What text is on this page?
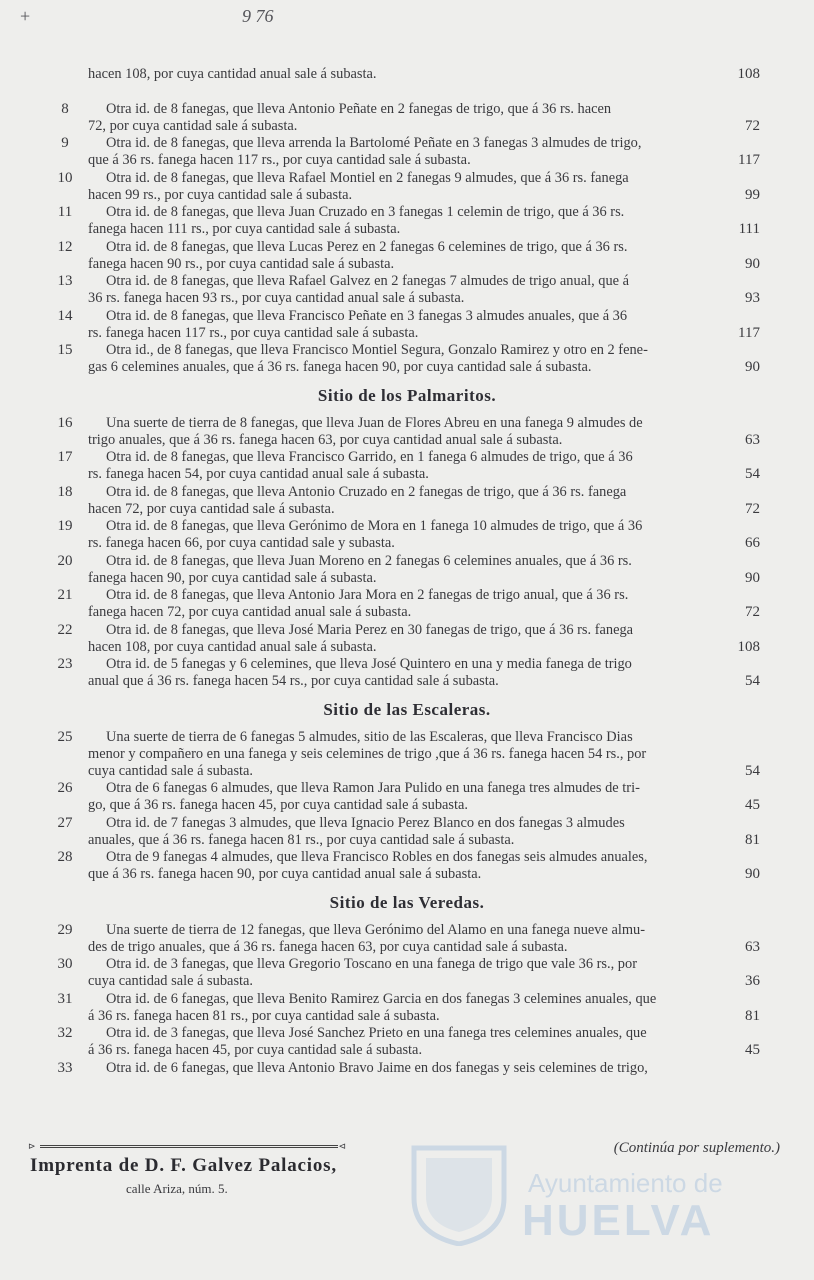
+	9 76
hacen 108, por cuya cantidad anual sale á subasta.	108
8	Otra id. de 8 fanegas, que lleva Antonio Peñate en 2 fanegas de trigo, que á 36 rs. hacen
72, por cuya cantidad sale á subasta.	72
9	Otra id. de 8 fanegas, que lleva arrenda la Bartolomé Peñate en 3 fanegas 3 almudes de trigo,
que á 36 rs. fanega hacen 117 rs., por cuya cantidad sale á subasta.	117
10	Otra id. de 8 fanegas, que lleva Rafael Montiel en 2 fanegas 9 almudes, que á 36 rs. fanega
hacen 99 rs., por cuya cantidad sale á subasta.	99
11	Otra id. de 8 fanegas, que lleva Juan Cruzado en 3 fanegas 1 celemin de trigo, que á 36 rs.
fanega hacen 111 rs., por cuya cantidad sale á subasta.	111
12	Otra id. de 8 fanegas, que lleva Lucas Perez en 2 fanegas 6 celemines de trigo, que á 36 rs.
fanega hacen 90 rs., por cuya cantidad sale á subasta.	90
13	Otra id. de 8 fanegas, que lleva Rafael Galvez en 2 fanegas 7 almudes de trigo anual, que á
36 rs. fanega hacen 93 rs., por cuya cantidad anual sale á subasta.	93
14	Otra id. de 8 fanegas, que lleva Francisco Peñate en 3 fanegas 3 almudes anuales, que á 36
rs. fanega hacen 117 rs., por cuya cantidad sale á subasta.	117
15	Otra id., de 8 fanegas, que lleva Francisco Montiel Segura, Gonzalo Ramirez y otro en 2 fene-
gas 6 celemines anuales, que á 36 rs. fanega hacen 90, por cuya cantidad sale á subasta.	90
Sitio de los Palmaritos.
16	Una suerte de tierra de 8 fanegas, que lleva Juan de Flores Abreu en una fanega 9 almudes de
trigo anuales, que á 36 rs. fanega hacen 63, por cuya cantidad anual sale á subasta.	63
17	Otra id. de 8 fanegas, que lleva Francisco Garrido, en 1 fanega 6 almudes de trigo, que á 36
rs. fanega hacen 54, por cuya cantidad anual sale á subasta.	54
18	Otra id. de 8 fanegas, que lleva Antonio Cruzado en 2 fanegas de trigo, que á 36 rs. fanega
hacen 72, por cuya cantidad sale á subasta.	72
19	Otra id. de 8 fanegas, que lleva Gerónimo de Mora en 1 fanega 10 almudes de trigo, que á 36
rs. fanega hacen 66, por cuya cantidad sale y subasta.	66
20	Otra id. de 8 fanegas, que lleva Juan Moreno en 2 fanegas 6 celemines anuales, que á 36 rs.
fanega hacen 90, por cuya cantidad sale á subasta.	90
21	Otra id. de 8 fanegas, que lleva Antonio Jara Mora en 2 fanegas de trigo anual, que á 36 rs.
fanega hacen 72, por cuya cantidad anual sale á subasta.	72
22	Otra id. de 8 fanegas, que lleva José Maria Perez en 30 fanegas de trigo, que á 36 rs. fanega
hacen 108, por cuya cantidad anual sale á subasta.	108
23	Otra id. de 5 fanegas y 6 celemines, que lleva José Quintero en una y media fanega de trigo
anual que á 36 rs. fanega hacen 54 rs., por cuya cantidad sale á subasta.	54
Sitio de las Escaleras.
25	Una suerte de tierra de 6 fanegas 5 almudes, sitio de las Escaleras, que lleva Francisco Dias
menor y compañero en una fanega y seis celemines de trigo ,que á 36 rs. fanega hacen 54 rs., por
cuya cantidad sale á subasta.	54
26	Otra de 6 fanegas 6 almudes, que lleva Ramon Jara Pulido en una fanega tres almudes de tri-
go, que á 36 rs. fanega hacen 45, por cuya cantidad sale á subasta.	45
27	Otra id. de 7 fanegas 3 almudes, que lleva Ignacio Perez Blanco en dos fanegas 3 almudes
anuales, que á 36 rs. fanega hacen 81 rs., por cuya cantidad sale á subasta.	81
28	Otra de 9 fanegas 4 almudes, que lleva Francisco Robles en dos fanegas seis almudes anuales,
que á 36 rs. fanega hacen 90, por cuya cantidad anual sale á subasta.	90
Sitio de las Veredas.
29	Una suerte de tierra de 12 fanegas, que lleva Gerónimo del Alamo en una fanega nueve almu-
des de trigo anuales, que á 36 rs. fanega hacen 63, por cuya cantidad sale á subasta.	63
30	Otra id. de 3 fanegas, que lleva Gregorio Toscano en una fanega de trigo que vale 36 rs., por
cuya cantidad sale á subasta.	36
31	Otra id. de 6 fanegas, que lleva Benito Ramirez Garcia en dos fanegas 3 celemines anuales, que
á 36 rs. fanega hacen 81 rs., por cuya cantidad sale á subasta.	81
32	Otra id. de 3 fanegas, que lleva José Sanchez Prieto en una fanega tres celemines anuales, que
á 36 rs. fanega hacen 45, por cuya cantidad sale á subasta.	45
33	Otra id. de 6 fanegas, que lleva Antonio Bravo Jaime en dos fanegas y seis celemines de trigo,
⊳	⊲	(Continúa por suplemento.)
Imprenta de D. F. Galvez Palacios,
calle Ariza, núm. 5.	Ayuntamiento de
HUELVA
